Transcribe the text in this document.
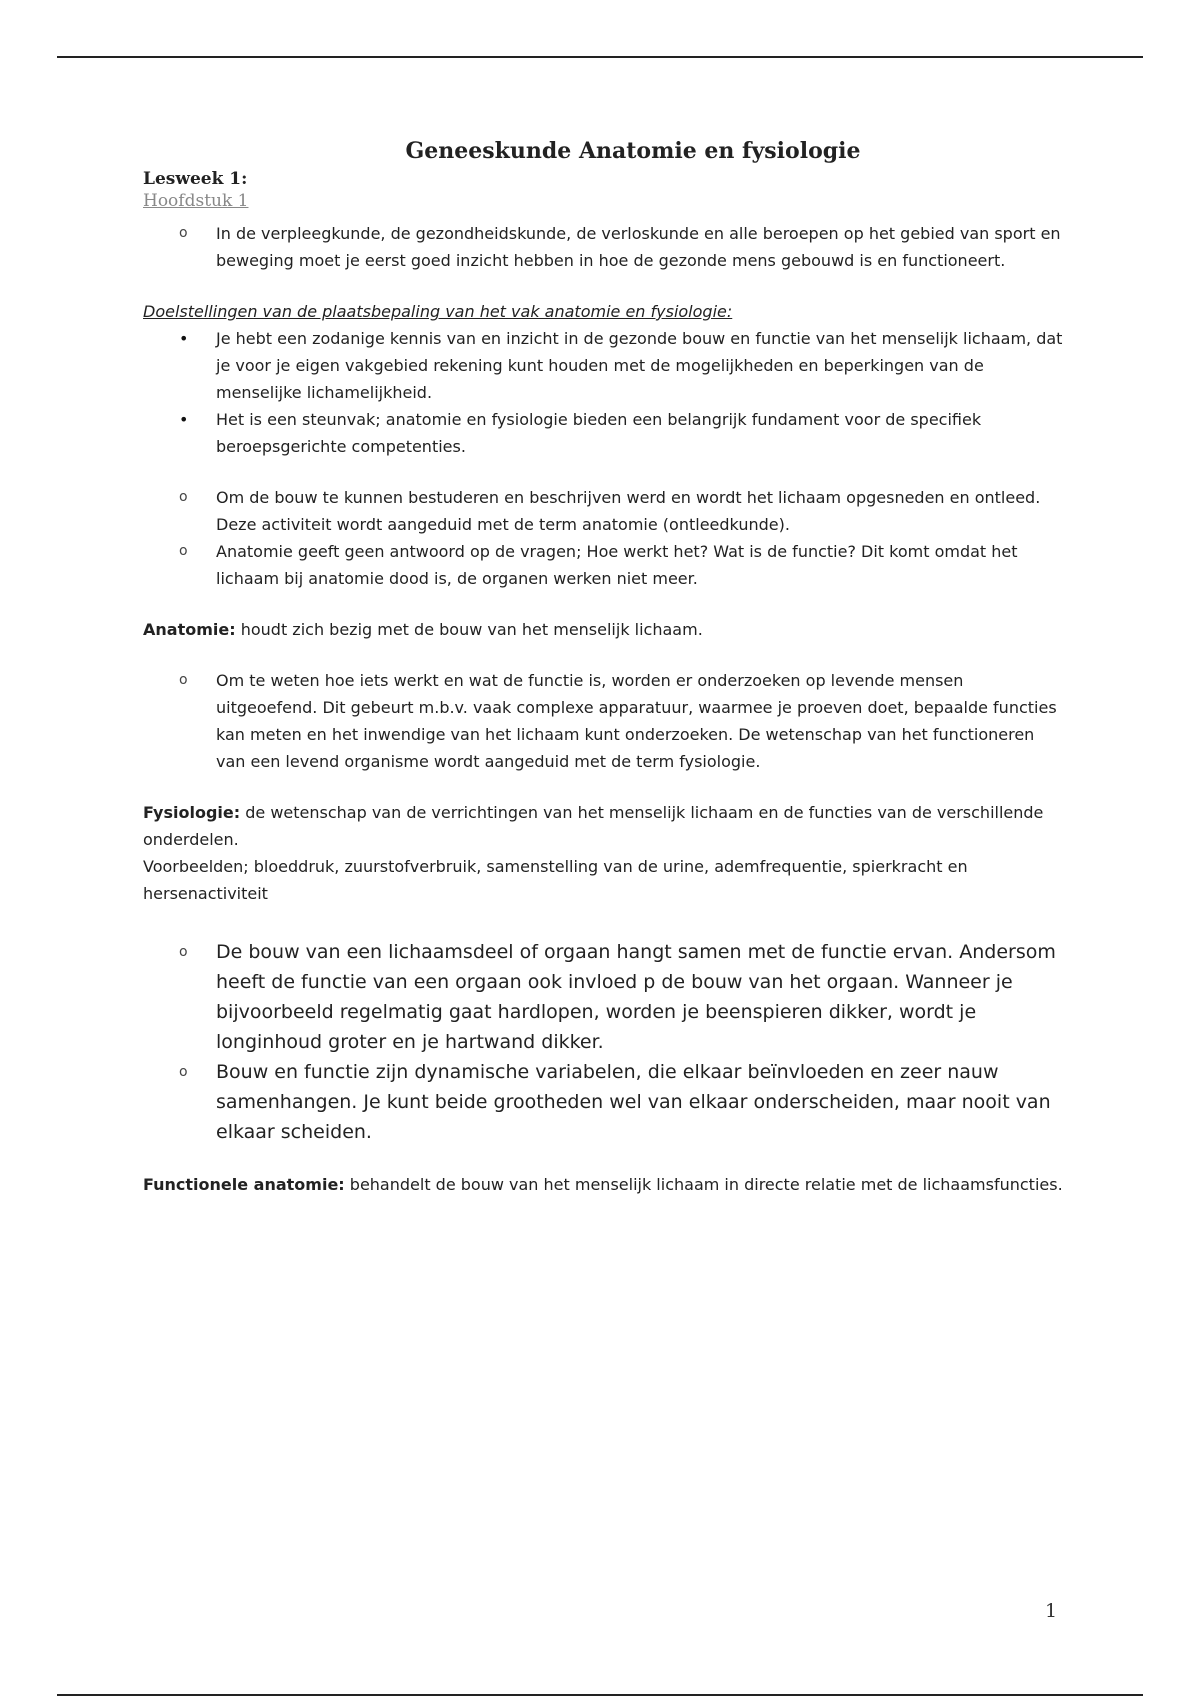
Geneeskunde Anatomie en fysiologie

Lesweek 1:

Hoofdstuk 1

o In de verpleegkunde, de gezondheidskunde, de verloskunde en alle beroepen op het gebied van sport en beweging moet je eerst goed inzicht hebben in hoe de gezonde mens gebouwd is en functioneert.

Doelstellingen van de plaatsbepaling van het vak anatomie en fysiologie:

• Je hebt een zodanige kennis van en inzicht in de gezonde bouw en functie van het menselijk lichaam, dat je voor je eigen vakgebied rekening kunt houden met de mogelijkheden en beperkingen van de menselijke lichamelijkheid.
• Het is een steunvak; anatomie en fysiologie bieden een belangrijk fundament voor de specifiek beroepsgerichte competenties.
o Om de bouw te kunnen bestuderen en beschrijven werd en wordt het lichaam opgesneden en ontleed. Deze activiteit wordt aangeduid met de term anatomie (ontleedkunde).
o Anatomie geeft geen antwoord op de vragen; Hoe werkt het? Wat is de functie? Dit komt omdat het lichaam bij anatomie dood is, de organen werken niet meer.

Anatomie: houdt zich bezig met de bouw van het menselijk lichaam.

o Om te weten hoe iets werkt en wat de functie is, worden er onderzoeken op levende mensen uitgeoefend. Dit gebeurt m.b.v. vaak complexe apparatuur, waarmee je proeven doet, bepaalde functies kan meten en het inwendige van het lichaam kunt onderzoeken. De wetenschap van het functioneren van een levend organisme wordt aangeduid met de term fysiologie.

Fysiologie: de wetenschap van de verrichtingen van het menselijk lichaam en de functies van de verschillende onderdelen.

Voorbeelden; bloeddruk, zuurstofverbruik, samenstelling van de urine, ademfrequentie, spierkracht en hersenactiviteit

o De bouw van een lichaamsdeel of orgaan hangt samen met de functie ervan. Andersom heeft de functie van een orgaan ook invloed p de bouw van het orgaan. Wanneer je bijvoorbeeld regelmatig gaat hardlopen, worden je beenspieren dikker, wordt je longinhoud groter en je hartwand dikker.
o Bouw en functie zijn dynamische variabelen, die elkaar beïnvloeden en zeer nauw samenhangen. Je kunt beide grootheden wel van elkaar onderscheiden, maar nooit van elkaar scheiden.

Functionele anatomie: behandelt de bouw van het menselijk lichaam in directe relatie met de lichaamsfuncties.

1
